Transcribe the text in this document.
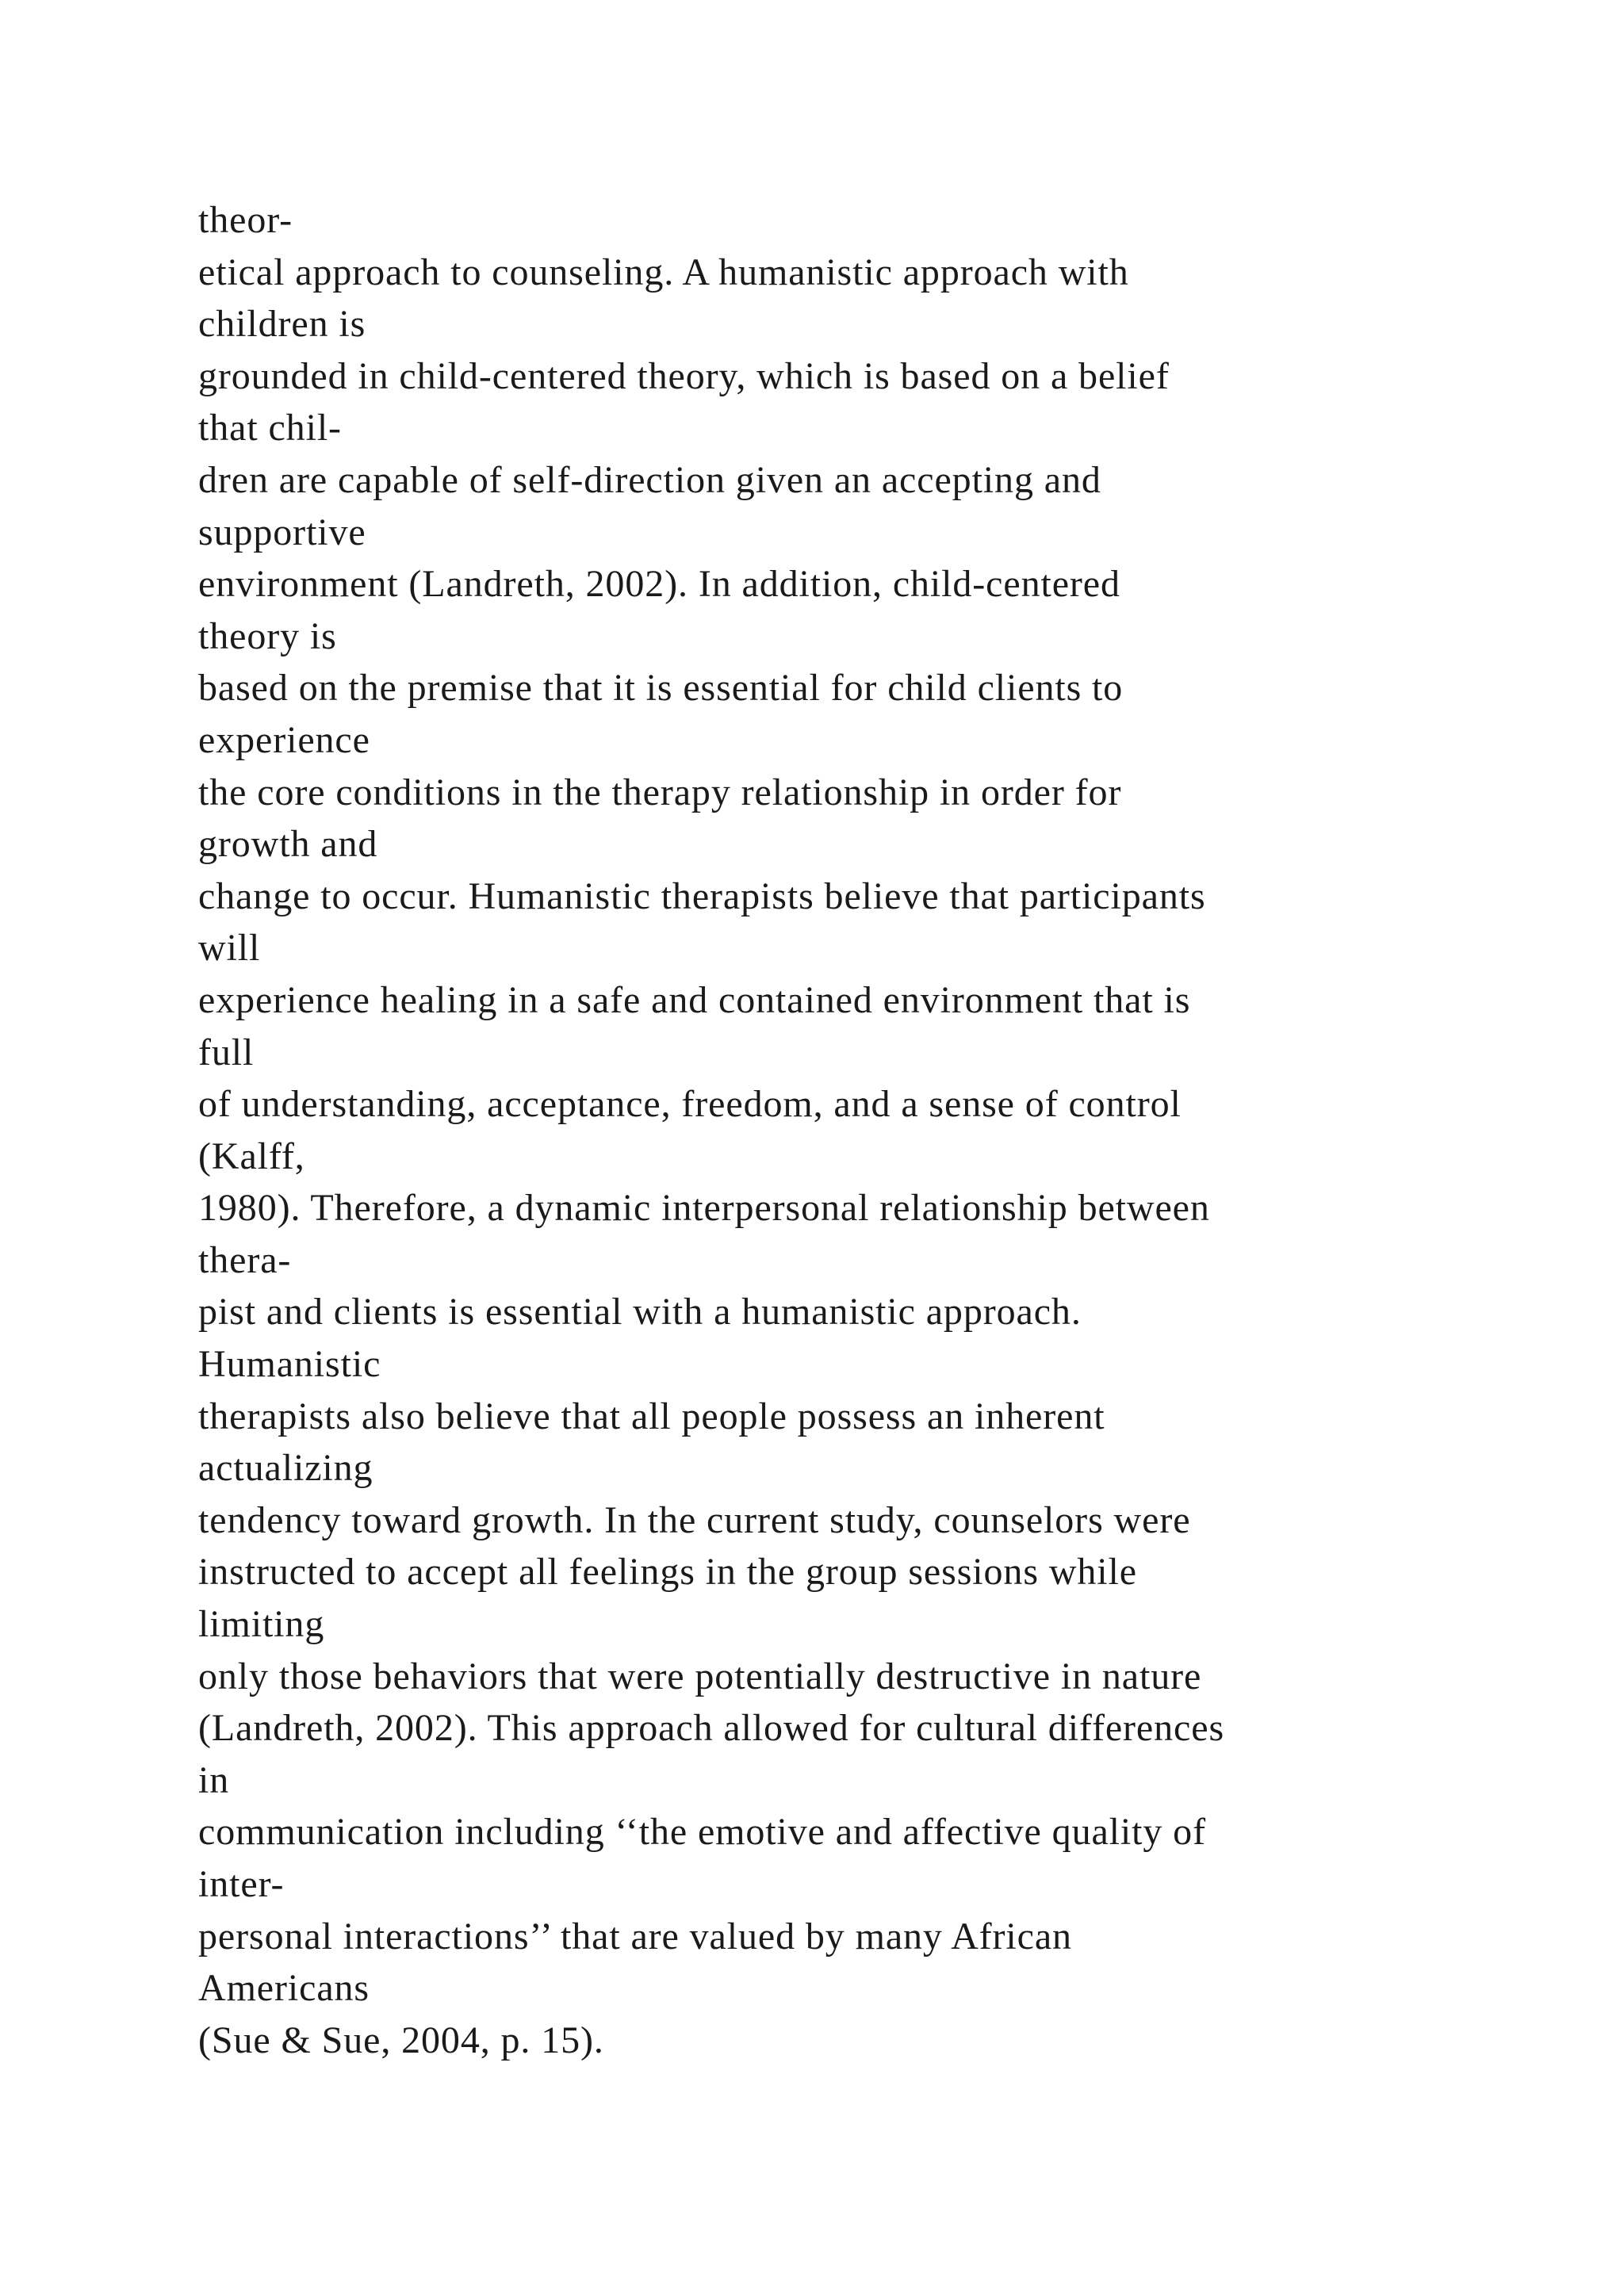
theor-
etical approach to counseling. A humanistic approach with
children is
grounded in child-centered theory, which is based on a belief
that chil-
dren are capable of self-direction given an accepting and
supportive
environment (Landreth, 2002). In addition, child-centered
theory is
based on the premise that it is essential for child clients to
experience
the core conditions in the therapy relationship in order for
growth and
change to occur. Humanistic therapists believe that participants
will
experience healing in a safe and contained environment that is
full
of understanding, acceptance, freedom, and a sense of control
(Kalff,
1980). Therefore, a dynamic interpersonal relationship between
thera-
pist and clients is essential with a humanistic approach.
Humanistic
therapists also believe that all people possess an inherent
actualizing
tendency toward growth. In the current study, counselors were
instructed to accept all feelings in the group sessions while
limiting
only those behaviors that were potentially destructive in nature
(Landreth, 2002). This approach allowed for cultural differences
in
communication including ‘‘the emotive and affective quality of
inter-
personal interactions’’ that are valued by many African
Americans
(Sue & Sue, 2004, p. 15).
